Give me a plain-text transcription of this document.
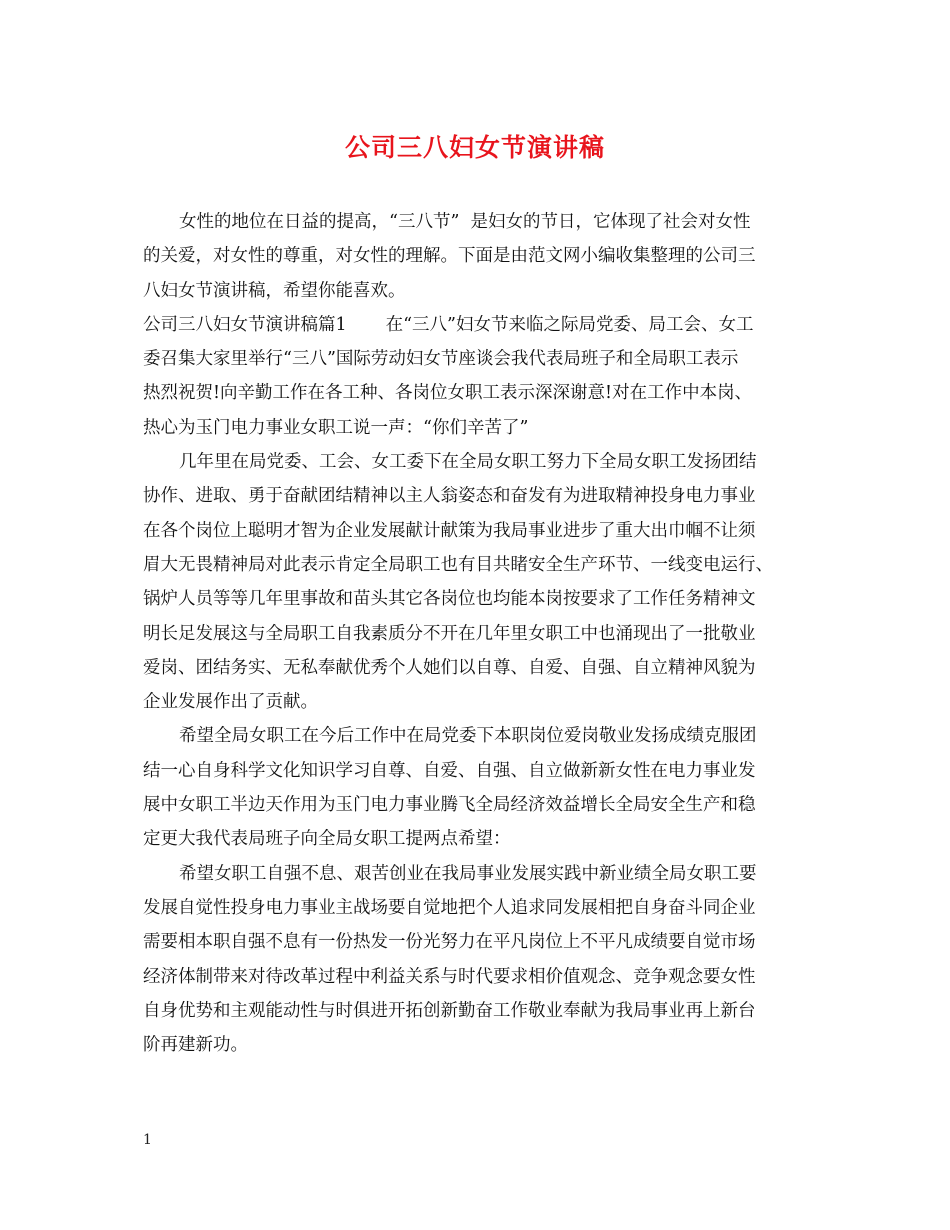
公司三八妇女节演讲稿
女性的地位在日益的提高，“三八节”  是妇女的节日，它体现了社会对女性
的关爱，对女性的尊重，对女性的理解。下面是由范文网小编收集整理的公司三
八妇女节演讲稿，希望你能喜欢。
公司三八妇女节演讲稿篇1       在“三八”妇女节来临之际局党委、局工会、女工
委召集大家里举行“三八”国际劳动妇女节座谈会我代表局班子和全局职工表示
热烈祝贺!向辛勤工作在各工种、各岗位女职工表示深深谢意!对在工作中本岗、
热心为玉门电力事业女职工说一声：“你们辛苦了”
几年里在局党委、工会、女工委下在全局女职工努力下全局女职工发扬团结
协作、进取、勇于奋献团结精神以主人翁姿态和奋发有为进取精神投身电力事业
在各个岗位上聪明才智为企业发展献计献策为我局事业进步了重大出巾帼不让须
眉大无畏精神局对此表示肯定全局职工也有目共睹安全生产环节、一线变电运行、
锅炉人员等等几年里事故和苗头其它各岗位也均能本岗按要求了工作任务精神文
明长足发展这与全局职工自我素质分不开在几年里女职工中也涌现出了一批敬业
爱岗、团结务实、无私奉献优秀个人她们以自尊、自爱、自强、自立精神风貌为
企业发展作出了贡献。
希望全局女职工在今后工作中在局党委下本职岗位爱岗敬业发扬成绩克服团
结一心自身科学文化知识学习自尊、自爱、自强、自立做新新女性在电力事业发
展中女职工半边天作用为玉门电力事业腾飞全局经济效益增长全局安全生产和稳
定更大我代表局班子向全局女职工提两点希望：
希望女职工自强不息、艰苦创业在我局事业发展实践中新业绩全局女职工要
发展自觉性投身电力事业主战场要自觉地把个人追求同发展相把自身奋斗同企业
需要相本职自强不息有一份热发一份光努力在平凡岗位上不平凡成绩要自觉市场
经济体制带来对待改革过程中利益关系与时代要求相价值观念、竞争观念要女性
自身优势和主观能动性与时俱进开拓创新勤奋工作敬业奉献为我局事业再上新台
阶再建新功。
1
